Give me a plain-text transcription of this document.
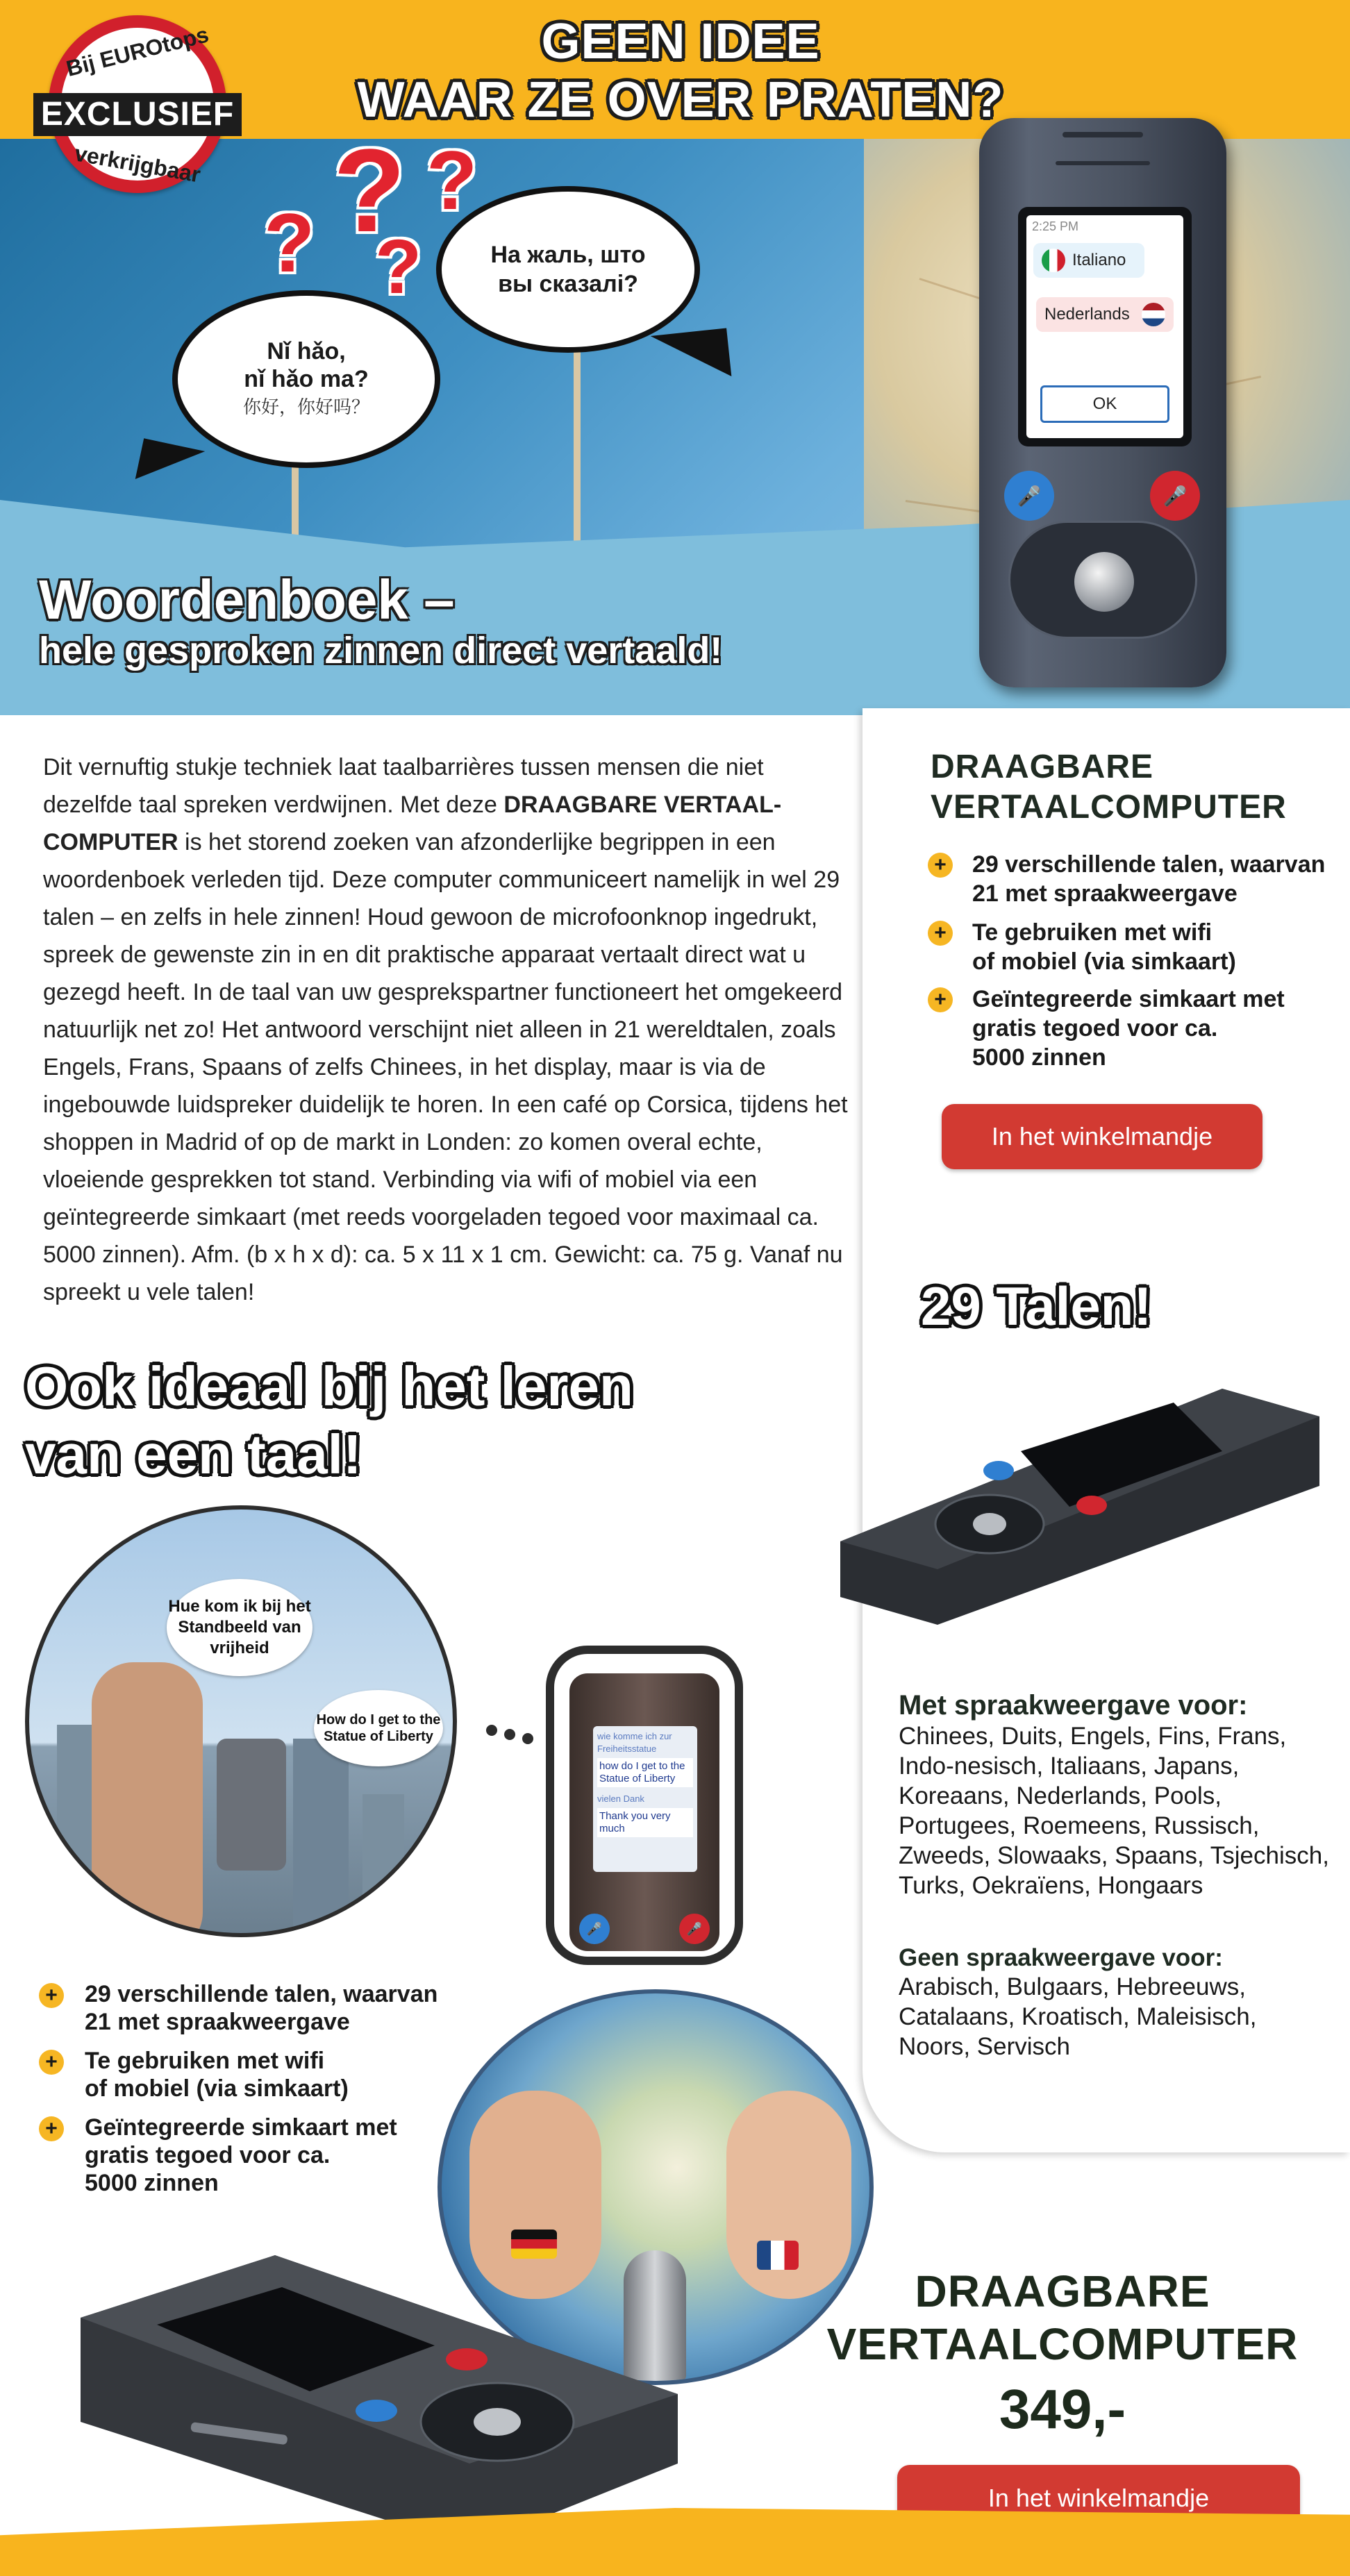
GEEN IDEE
WAAR ZE OVER PRATEN?
Bij EUROtops
EXCLUSIEF
verkrijgbaar
? ?
?
?
На жаль, што
вы сказалі?
Nǐ hǎo,
nǐ hǎo ma?
你好，你好吗？
Woordenboek –
hele gesproken zinnen direct vertaald!
2:25 PM
Italiano
Nederlands
OK
🎤	🎤
DRAAGBARE
VERTAALCOMPUTER
+ 29 verschillende talen, waarvan
21 met spraakweergave
+ Te gebruiken met wifi
of mobiel (via simkaart)
+ Geïntegreerde simkaart met
gratis tegoed voor ca.
5000 zinnen
In het winkelmandje
29 Talen!
Met spraakweergave voor:
Chinees, Duits, Engels, Fins, Frans, Indo-nesisch, Italiaans, Japans, Koreaans, Nederlands, Pools, Portugees, Roemeens, Russisch, Zweeds, Slowaaks, Spaans, Tsjechisch, Turks, Oekraïens, Hongaars
Geen spraakweergave voor:
Arabisch, Bulgaars, Hebreeuws, Catalaans, Kroatisch, Maleisisch, Noors, Servisch
Dit vernuftig stukje techniek laat taalbarrières tussen mensen die niet dezelfde taal spreken verdwijnen. Met deze DRAAGBARE VERTAAL-COMPUTER is het storend zoeken van afzonderlijke begrippen in een woordenboek verleden tijd. Deze computer communiceert namelijk in wel 29 talen – en zelfs in hele zinnen! Houd gewoon de microfoonknop ingedrukt, spreek de gewenste zin in en dit praktische apparaat vertaalt direct wat u gezegd heeft. In de taal van uw gesprekspartner functioneert het omgekeerd natuurlijk net zo! Het antwoord verschijnt niet alleen in 21 wereldtalen, zoals Engels, Frans, Spaans of zelfs Chinees, in het display, maar is via de ingebouwde luidspreker duidelijk te horen. In een café op Corsica, tijdens het shoppen in Madrid of op de markt in Londen: zo komen overal echte, vloeiende gesprekken tot stand. Verbinding via wifi of mobiel via een geïntegreerde simkaart (met reeds voorgeladen tegoed voor maximaal ca. 5000 zinnen). Afm. (b x h x d): ca. 5 x 11 x 1 cm. Gewicht: ca. 75 g. Vanaf nu spreekt u vele talen!
Ook ideaal bij het leren
van een taal!
Hue kom ik bij het Standbeeld van vrijheid
How do I get to the Statue of Liberty	wie komme ich zur Freiheitsstatue
how do I get to the Statue of Liberty
vielen Dank
Thank you very much
🎤	🎤
+ 29 verschillende talen, waarvan
21 met spraakweergave
+ Te gebruiken met wifi
of mobiel (via simkaart)
+ Geïntegreerde simkaart met
gratis tegoed voor ca.
5000 zinnen
DRAAGBARE
VERTAALCOMPUTER
349,-
In het winkelmandje
